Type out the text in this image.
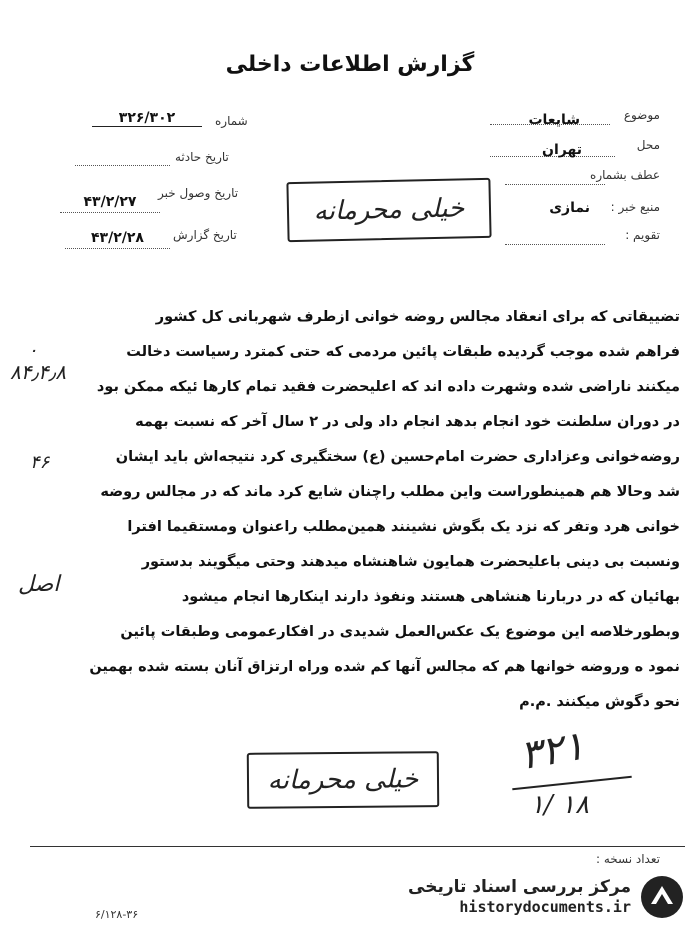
گزارش اطلاعات داخلی
موضوع
شایعات
محل
تهران
عطف بشماره
منبع خبر :
نمازی
تقویم :
شماره
۳۲۶/۳۰۲
تاریخ حادثه
تاریخ وصول خبر
۴۳/۲/۲۷
تاریخ گزارش
۴۳/۲/۲۸
خیلی محرمانه

تضییقاتی که برای انعقاد مجالس روضه خوانی ازطرف شهربانی کل کشور

فراهم شده موجب گردیده طبقات پائین مردمی که حتی کمترد رسیاست دخالت

میکنند ناراضی شده وشهرت داده اند که اعلیحضرت فقید تمام کارها ئیکه ممکن بود

در دوران سلطنت خود انجام بدهد انجام داد ولی در ۲ سال آخر که نسبت بهمه

روضه‌خوانی وعزاداری حضرت امام‌حسین (ع) سختگیری کرد نتیجه‌اش باید ایشان

شد وحالا هم همینطوراست واین مطلب راچنان شایع کرد ماند که در مجالس روضه

خوانی هرد وتفر که نزد یک بگوش نشینند همین‌مطلب راعنوان ومستقیما افترا

ونسبت بی دینی باعلیحضرت همایون شاهنشاه میدهند وحتی میگویند بدستور

بهائیان که در دربارنا هنشاهی هستند ونفوذ دارند اینکارها انجام میشود

وبطورخلاصه این موضوع یک عکس‌العمل شدیدی در افکارعمومی وطبقات پائین

نمود ه وروضه خوانها هم که مجالس آنها کم شده وراه ارتزاق آنان بسته شده بهمین

نحو دگوش میکنند .م.م

۰
۸۴٫۴٫۸
۴۶
اصل
خیلی محرمانه
۳۲۱
۱/ ۱۸
تعداد نسخه :
۶/۱۲۸-۳۶
مرکز بررسی اسناد تاریخی
historydocuments.ir
